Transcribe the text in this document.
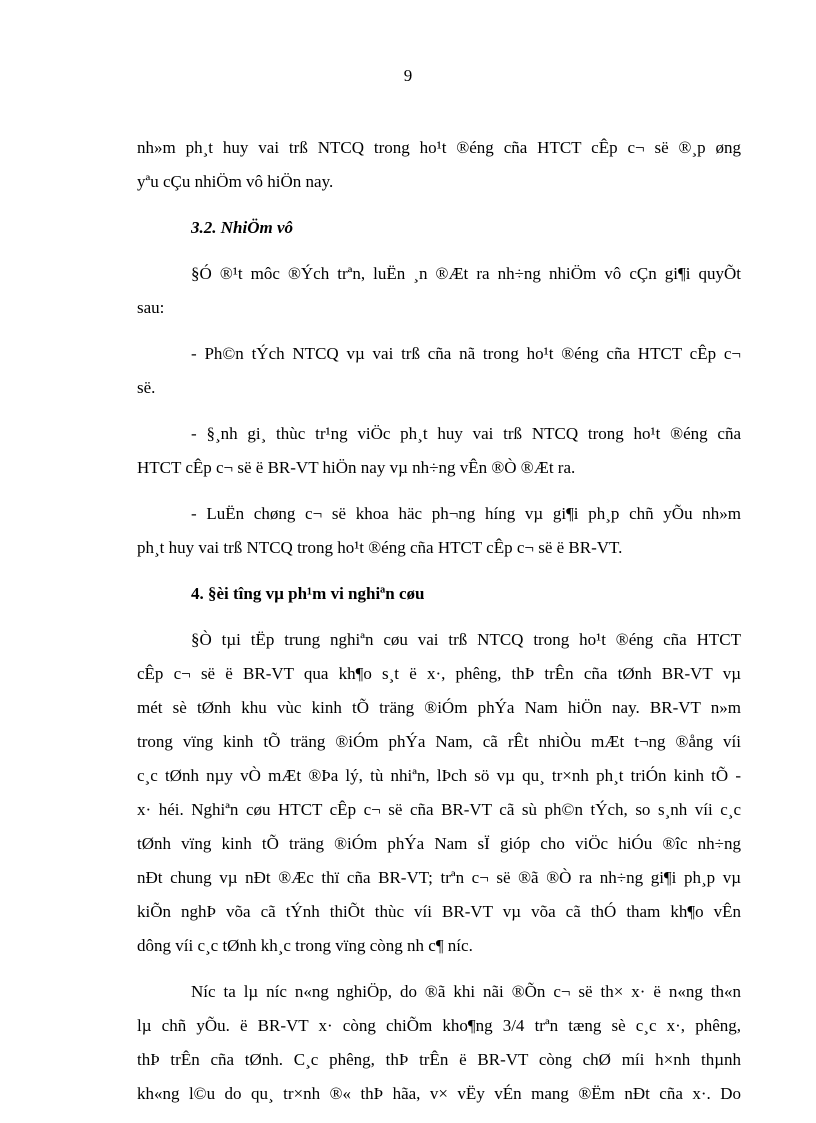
9
nh»m ph¸t huy vai trß NTCQ trong ho¹t ®éng cña HTCT cÊp c¬ së ®¸p øng
yªu cÇu nhiÖm vô hiÖn nay.
3.2. NhiÖm vô
§Ó ®¹t môc ®Ých trªn, luËn ¸n ®Æt ra nh÷ng nhiÖm vô cÇn gi¶i quyÕt
sau:
- Ph©n tÝch NTCQ vµ vai trß cña nã trong ho¹t ®éng cña HTCT cÊp c¬
së.
- §¸nh gi¸ thùc tr¹ng viÖc ph¸t huy vai trß NTCQ trong ho¹t ®éng cña
HTCT cÊp c¬ së ë BR-VT hiÖn nay vµ nh÷ng vÊn ®Ò ®Æt ra.
- LuËn chøng c¬ së khoa häc ph¬ng híng vµ gi¶i ph¸p chñ yÕu nh»m
ph¸t huy vai trß NTCQ trong ho¹t ®éng cña HTCT cÊp c¬ së ë BR-VT.
4. §èi tîng vµ ph¹m vi nghiªn cøu
§Ò tµi tËp trung nghiªn cøu vai trß NTCQ trong ho¹t ®éng cña HTCT
cÊp c¬ së ë BR-VT qua kh¶o s¸t ë x·, phêng, thÞ trÊn cña tØnh BR-VT vµ
mét sè tØnh khu vùc kinh tÕ träng ®iÓm phÝa Nam hiÖn nay. BR-VT n»m
trong vïng kinh tÕ träng ®iÓm phÝa Nam, cã rÊt nhiÒu mÆt t¬ng ®ång víi
c¸c tØnh nµy vÒ mÆt ®Þa lý, tù nhiªn, lÞch sö vµ qu¸ tr×nh ph¸t triÓn kinh tÕ -
x· héi. Nghiªn cøu HTCT cÊp c¬ së cña BR-VT cã sù ph©n tÝch, so s¸nh víi c¸c
tØnh vïng kinh tÕ träng ®iÓm phÝa Nam sÏ gióp cho viÖc hiÓu ®îc nh÷ng
nÐt chung vµ nÐt ®Æc thï cña BR-VT; trªn c¬ së ®ã ®Ò ra nh÷ng gi¶i ph¸p vµ
kiÕn nghÞ võa cã tÝnh thiÕt thùc víi BR-VT vµ võa cã thÓ tham kh¶o vÊn
dông víi c¸c tØnh kh¸c trong vïng còng nh c¶ níc.
Níc ta lµ níc n«ng nghiÖp, do ®ã khi nãi ®Õn c¬ së th× x· ë n«ng th«n
lµ chñ yÕu. ë BR-VT x· còng chiÕm kho¶ng 3/4 trªn tæng sè c¸c x·, phêng,
thÞ trÊn cña tØnh. C¸c phêng, thÞ trÊn ë BR-VT còng chØ míi h×nh thµnh
kh«ng l©u do qu¸ tr×nh ®« thÞ hãa, v× vËy vÉn mang ®Ëm nÐt cña x·. Do
